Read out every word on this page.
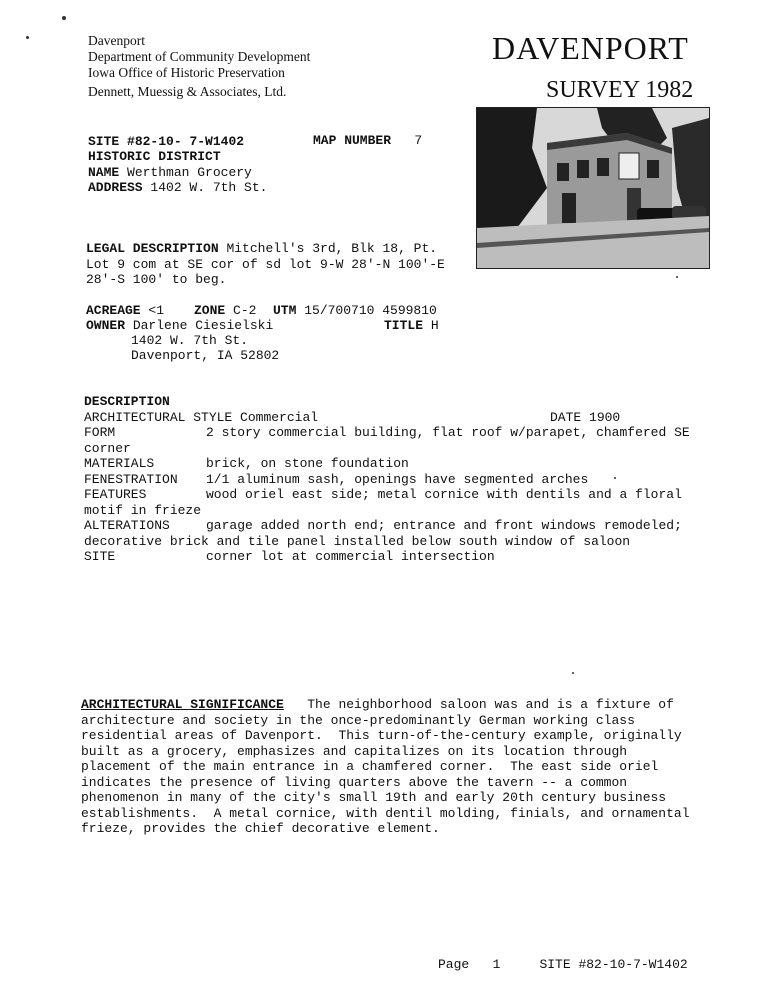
Davenport
Department of Community Development
Iowa Office of Historic Preservation
Dennett, Muessig & Associates, Ltd.
DAVENPORT
SURVEY 1982
SITE #82-10- 7-W1402	MAP NUMBER 7
HISTORIC DISTRICT
NAME Werthman Grocery
ADDRESS 1402 W. 7th St.
LEGAL DESCRIPTION Mitchell's 3rd, Blk 18, Pt.
Lot 9 com at SE cor of sd lot 9-W 28'-N 100'-E
28'-S 100' to beg.
ACREAGE <1 ZONE C-2 UTM 15/700710 4599810
OWNER Darlene Ciesielski	TITLE H
1402 W. 7th St.
Davenport, IA 52802
DESCRIPTION
ARCHITECTURAL STYLE Commercial	DATE 1900
FORM	2 story commercial building, flat roof w/parapet, chamfered SE
corner
MATERIALS	brick, on stone foundation
FENESTRATION 1/1 aluminum sash, openings have segmented arches
FEATURES	wood oriel east side; metal cornice with dentils and a floral
motif in frieze
ALTERATIONS	garage added north end; entrance and front windows remodeled;
decorative brick and tile panel installed below south window of saloon
SITE	corner lot at commercial intersection
ARCHITECTURAL SIGNIFICANCE The neighborhood saloon was and is a fixture of
architecture and society in the once-predominantly German working class
residential areas of Davenport.  This turn-of-the-century example, originally
built as a grocery, emphasizes and capitalizes on its location through
placement of the main entrance in a chamfered corner.  The east side oriel
indicates the presence of living quarters above the tavern -- a common
phenomenon in many of the city's small 19th and early 20th century business
establishments.  A metal cornice, with dentil molding, finials, and ornamental
frieze, provides the chief decorative element.
Page 1	SITE #82-10-7-W1402
